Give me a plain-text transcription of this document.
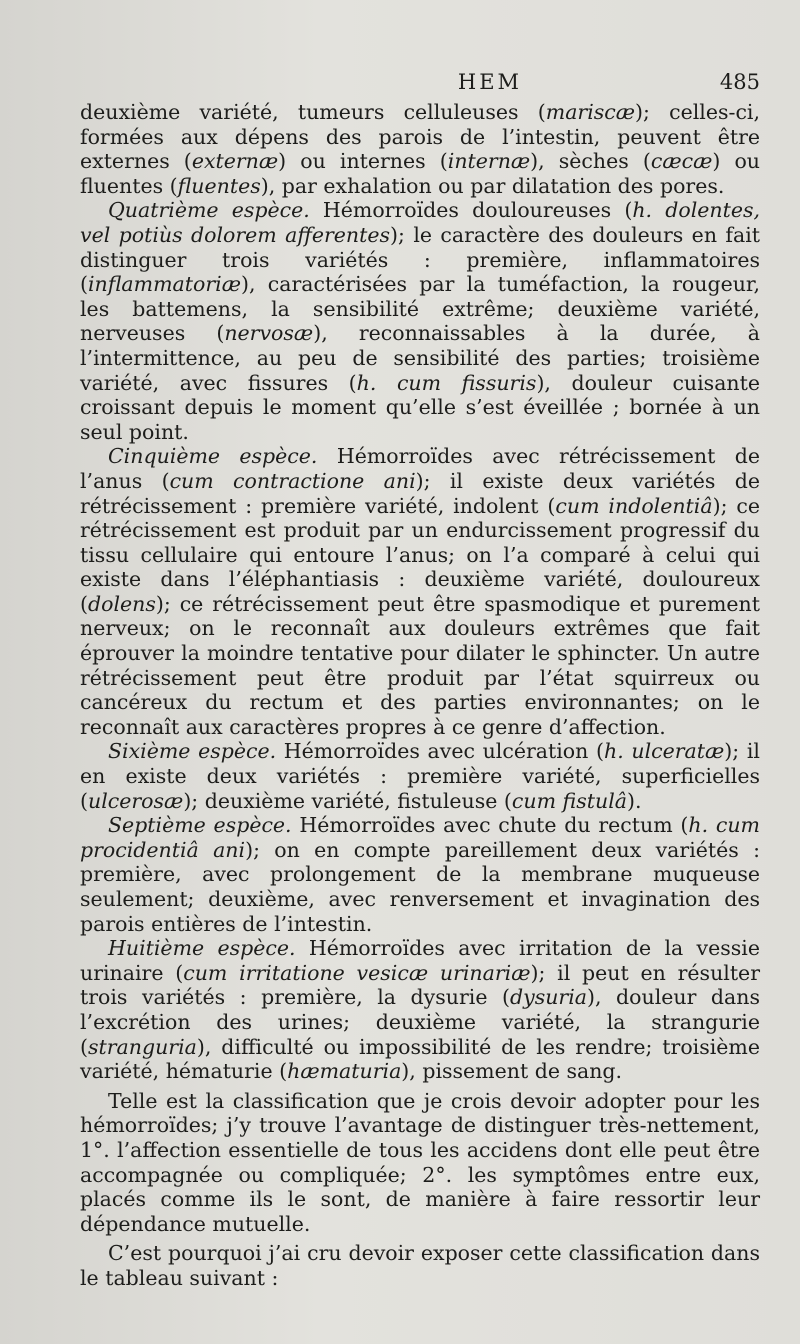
HEM	485

deuxième variété, tumeurs celluleuses (mariscæ); celles-ci, formées aux dépens des parois de l’intestin, peuvent être externes (externæ) ou internes (internæ), sèches (cæcæ) ou fluentes (fluentes), par exhalation ou par dilatation des pores.

Quatrième espèce. Hémorroïdes douloureuses (h. dolentes, vel potiùs dolorem afferentes); le caractère des douleurs en fait distinguer trois variétés : première, inflammatoires (inflammatoriæ), caractérisées par la tuméfaction, la rougeur, les battemens, la sensibilité extrême; deuxième variété, nerveuses (nervosæ), reconnaissables à la durée, à l’intermittence, au peu de sensibilité des parties; troisième variété, avec fissures (h. cum fissuris), douleur cuisante croissant depuis le moment qu’elle s’est éveillée ; bornée à un seul point.

Cinquième espèce. Hémorroïdes avec rétrécissement de l’anus (cum contractione ani); il existe deux variétés de rétrécissement : première variété, indolent (cum indolentiâ); ce rétrécissement est produit par un endurcissement progressif du tissu cellulaire qui entoure l’anus; on l’a comparé à celui qui existe dans l’éléphantiasis : deuxième variété, douloureux (dolens); ce rétrécissement peut être spasmodique et purement nerveux; on le reconnaît aux douleurs extrêmes que fait éprouver la moindre tentative pour dilater le sphincter. Un autre rétrécissement peut être produit par l’état squirreux ou cancéreux du rectum et des parties environnantes; on le reconnaît aux caractères propres à ce genre d’affection.

Sixième espèce. Hémorroïdes avec ulcération (h. ulceratæ); il en existe deux variétés : première variété, superficielles (ulcerosæ); deuxième variété, fistuleuse (cum fistulâ).

Septième espèce. Hémorroïdes avec chute du rectum (h. cum procidentiâ ani); on en compte pareillement deux variétés : première, avec prolongement de la membrane muqueuse seulement; deuxième, avec renversement et invagination des parois entières de l’intestin.

Huitième espèce. Hémorroïdes avec irritation de la vessie urinaire (cum irritatione vesicæ urinariæ); il peut en résulter trois variétés : première, la dysurie (dysuria), douleur dans l’excrétion des urines; deuxième variété, la strangurie (stranguria), difficulté ou impossibilité de les rendre; troisième variété, hématurie (hæmaturia), pissement de sang.

Telle est la classification que je crois devoir adopter pour les hémorroïdes; j’y trouve l’avantage de distinguer très-nettement, 1°. l’affection essentielle de tous les accidens dont elle peut être accompagnée ou compliquée; 2°. les symptômes entre eux, placés comme ils le sont, de manière à faire ressortir leur dépendance mutuelle.

C’est pourquoi j’ai cru devoir exposer cette classification dans le tableau suivant :
